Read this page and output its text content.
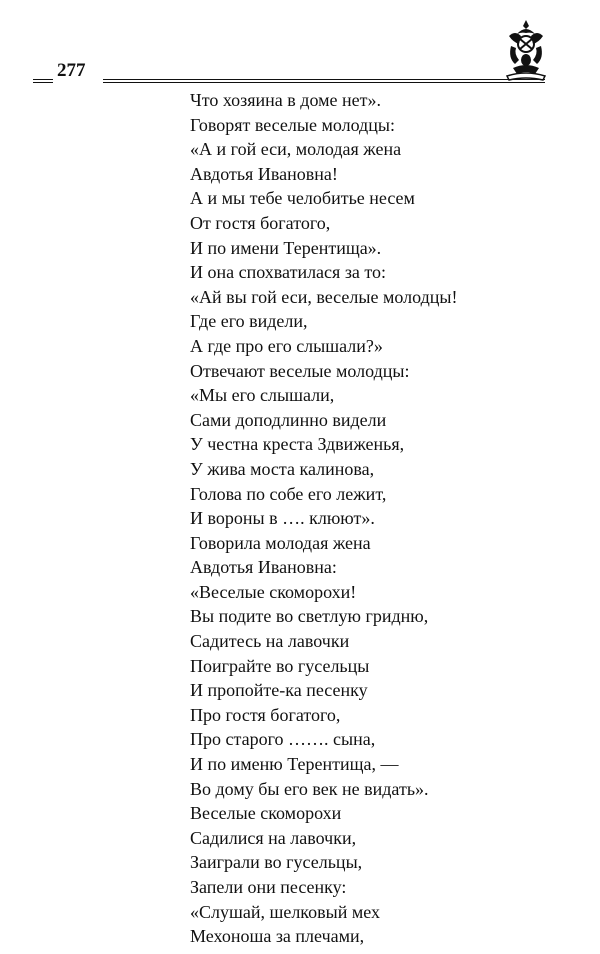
277
Что хозяина в доме нет».
Говорят веселые молодцы:
«А и гой еси, молодая жена
Авдотья Ивановна!
А и мы тебе челобитье несем
От гостя богатого,
И по имени Терентища».
И она спохватилася за то:
«Ай вы гой еси, веселые молодцы!
Где его видели,
А где про его слышали?»
Отвечают веселые молодцы:
«Мы его слышали,
Сами доподлинно видели
У честна креста Здвиженья,
У жива моста калинова,
Голова по собе его лежит,
И вороны в …. клюют».
Говорила молодая жена
Авдотья Ивановна:
«Веселые скоморохи!
Вы подите во светлую гридню,
Садитесь на лавочки
Поиграйте во гусельцы
И пропойте-ка песенку
Про гостя богатого,
Про старого ……. сына,
И по именю Терентища, —
Во дому бы его век не видать».
Веселые скоморохи
Садилися на лавочки,
Заиграли во гусельцы,
Запели они песенку:
«Слушай, шелковый мех
Мехоноша за плечами,
